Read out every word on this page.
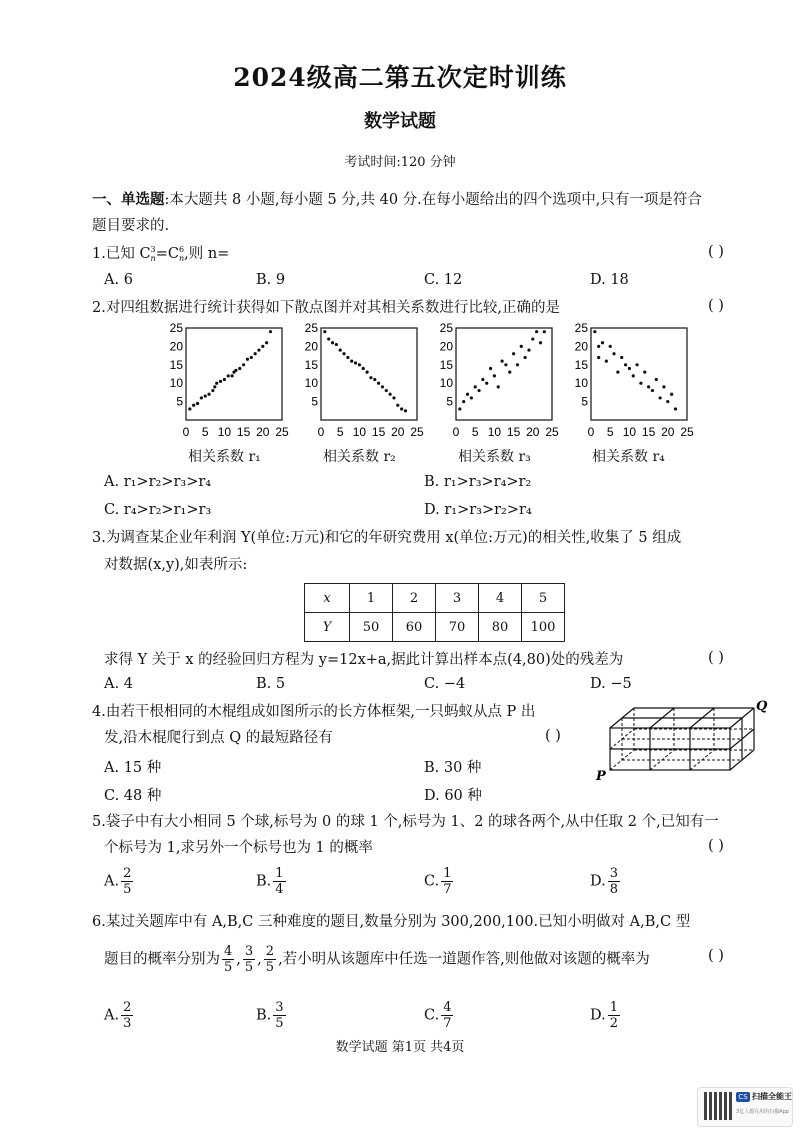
2024级高二第五次定时训练
数学试题
考试时间:120 分钟
一、单选题:本大题共 8 小题,每小题 5 分,共 40 分.在每小题给出的四个选项中,只有一项是符合
题目要求的.
1.已知 C 3
n =C 6
n ,则 n=	( )
A. 6	B. 9	C. 12	D. 18
2.对四组数据进行统计获得如下散点图并对其相关系数进行比较,正确的是	( )
5
10
15
20
25
0 5 10 15 20 25
5
10
15
20
25
0 5 10 15 20 25
5
10
15
20
25
0 5 10 15 20 25
5
10
15
20
25
0 5 10 15 20 25
相关系数 r₁	相关系数 r₂	相关系数 r₃	相关系数 r₄
A. r₁>r₂>r₃>r₄	B. r₁>r₃>r₄>r₂
C. r₄>r₂>r₁>r₃	D. r₁>r₃>r₂>r₄
3.为调查某企业年利润 Y(单位:万元)和它的年研究费用 x(单位:万元)的相关性,收集了 5 组成
对数据(x,y),如表所示:
x	1	2	3	4	5
Y	50	60	70	80	100
求得 Y 关于 x 的经验回归方程为 y=12x+a,据此计算出样本点(4,80)处的残差为	( )
A. 4	B. 5	C. −4	D. −5
4.由若干根相同的木棍组成如图所示的长方体框架,一只蚂蚁从点 P 出
发,沿木棍爬行到点 Q 的最短路径有	( )
A. 15 种	B. 30 种
C. 48 种	D. 60 种
P
Q
5.袋子中有大小相同 5 个球,标号为 0 的球 1 个,标号为 1、2 的球各两个,从中任取 2 个,已知有一
个标号为 1,求另外一个标号也为 1 的概率	( )
A. $\frac{2}{5}$	B. $\frac{1}{4}$	C. $\frac{1}{7}$	D. $\frac{3}{8}$
6.某过关题库中有 A,B,C 三种难度的题目,数量分别为 300,200,100.已知小明做对 A,B,C 型
题目的概率分别为 $\frac{4}{5}$ , $\frac{3}{5}$ , $\frac{2}{5}$ ,若小明从该题库中任选一道题作答,则他做对该题的概率为	( )
A. $\frac{2}{3}$	B. $\frac{3}{5}$	C. $\frac{4}{7}$	D. $\frac{1}{2}$
数学试题 第1页 共4页
CS 扫描全能王
3亿人都在用的扫描App
